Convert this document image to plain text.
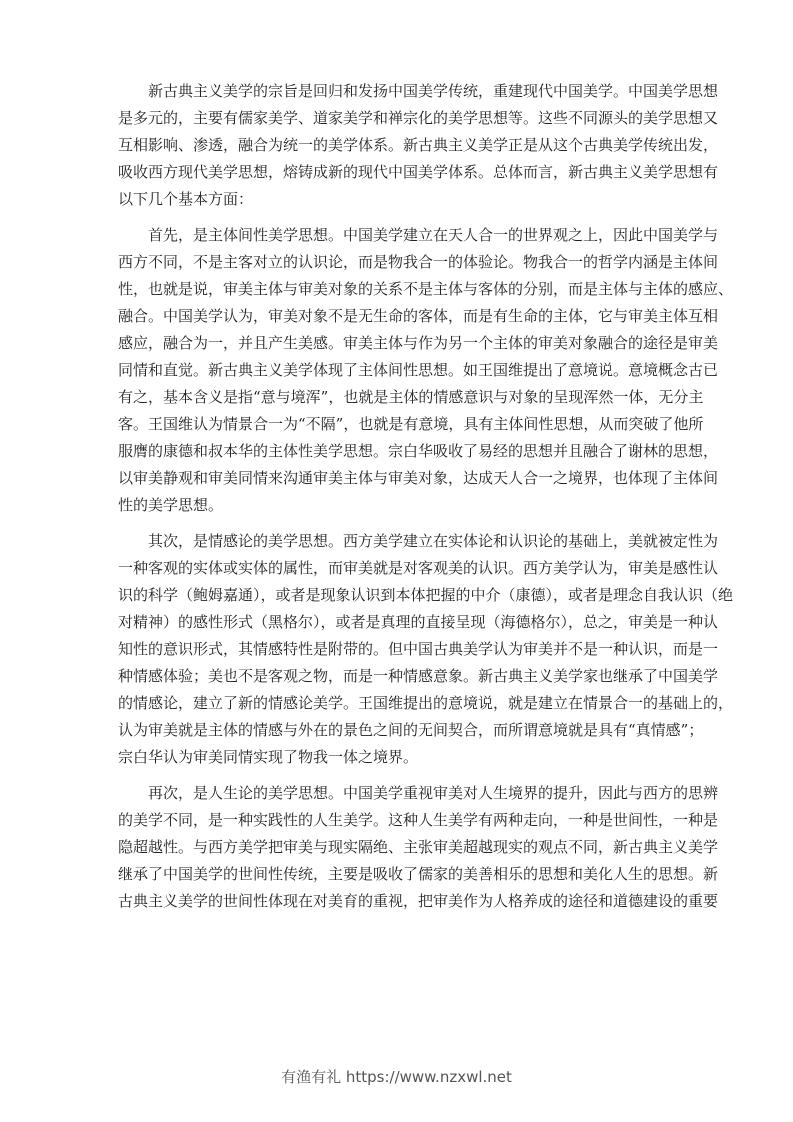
新古典主义美学的宗旨是回归和发扬中国美学传统，重建现代中国美学。中国美学思想
是多元的，主要有儒家美学、道家美学和禅宗化的美学思想等。这些不同源头的美学思想又
互相影响、渗透，融合为统一的美学体系。新古典主义美学正是从这个古典美学传统出发，
吸收西方现代美学思想，熔铸成新的现代中国美学体系。总体而言，新古典主义美学思想有
以下几个基本方面：
首先，是主体间性美学思想。中国美学建立在天人合一的世界观之上，因此中国美学与
西方不同，不是主客对立的认识论，而是物我合一的体验论。物我合一的哲学内涵是主体间
性，也就是说，审美主体与审美对象的关系不是主体与客体的分别，而是主体与主体的感应、
融合。中国美学认为，审美对象不是无生命的客体，而是有生命的主体，它与审美主体互相
感应，融合为一，并且产生美感。审美主体与作为另一个主体的审美对象融合的途径是审美
同情和直觉。新古典主义美学体现了主体间性思想。如王国维提出了意境说。意境概念古已
有之，基本含义是指“意与境浑”，也就是主体的情感意识与对象的呈现浑然一体，无分主
客。王国维认为情景合一为“不隔”，也就是有意境，具有主体间性思想，从而突破了他所
服膺的康德和叔本华的主体性美学思想。宗白华吸收了易经的思想并且融合了谢林的思想，
以审美静观和审美同情来沟通审美主体与审美对象，达成天人合一之境界，也体现了主体间
性的美学思想。
其次，是情感论的美学思想。西方美学建立在实体论和认识论的基础上，美就被定性为
一种客观的实体或实体的属性，而审美就是对客观美的认识。西方美学认为，审美是感性认
识的科学（鲍姆嘉通），或者是现象认识到本体把握的中介（康德），或者是理念自我认识（绝
对精神）的感性形式（黑格尔），或者是真理的直接呈现（海德格尔），总之，审美是一种认
知性的意识形式，其情感特性是附带的。但中国古典美学认为审美并不是一种认识，而是一
种情感体验；美也不是客观之物，而是一种情感意象。新古典主义美学家也继承了中国美学
的情感论，建立了新的情感论美学。王国维提出的意境说，就是建立在情景合一的基础上的，
认为审美就是主体的情感与外在的景色之间的无间契合，而所谓意境就是具有“真情感”；
宗白华认为审美同情实现了物我一体之境界。
再次，是人生论的美学思想。中国美学重视审美对人生境界的提升，因此与西方的思辨
的美学不同，是一种实践性的人生美学。这种人生美学有两种走向，一种是世间性，一种是
隐超越性。与西方美学把审美与现实隔绝、主张审美超越现实的观点不同，新古典主义美学
继承了中国美学的世间性传统，主要是吸收了儒家的美善相乐的思想和美化人生的思想。新
古典主义美学的世间性体现在对美育的重视，把审美作为人格养成的途径和道德建设的重要
有渔有礼 https://www.nzxwl.net
